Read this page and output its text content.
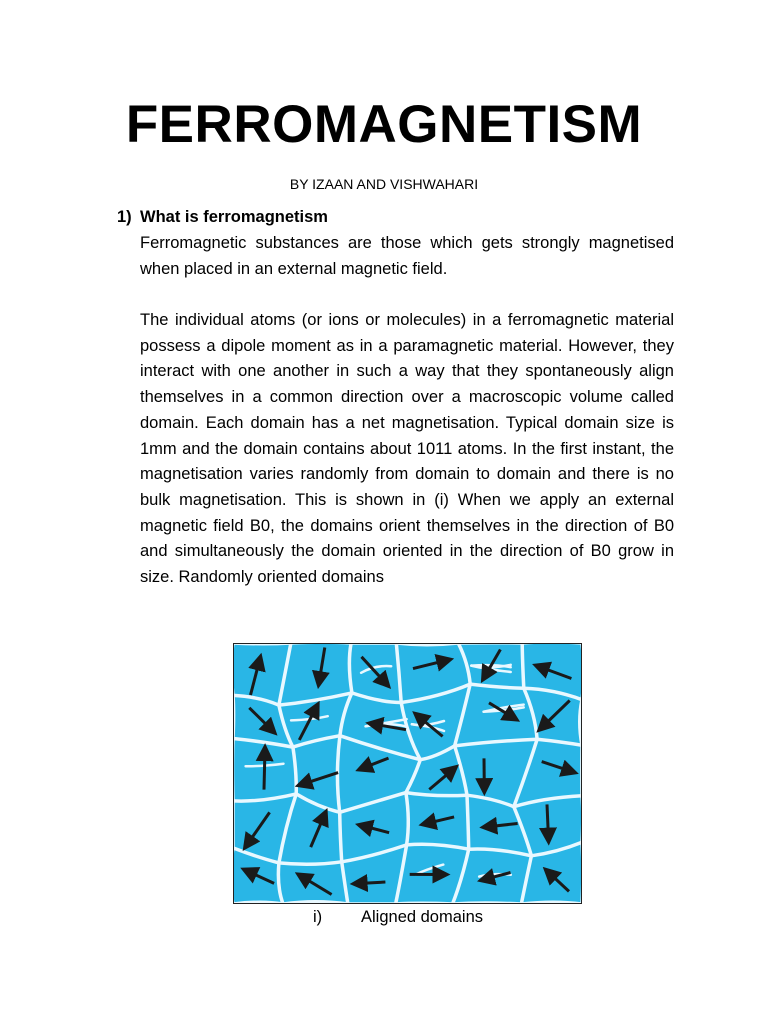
FERROMAGNETISM
BY IZAAN AND VISHWAHARI
1) What is ferromagnetism
Ferromagnetic substances are those which gets strongly magnetised when placed in an external magnetic field.
The individual atoms (or ions or molecules) in a ferromagnetic material possess a dipole moment as in a paramagnetic material. However, they interact with one another in such a way that they spontaneously align themselves in a common direction over a macroscopic volume called domain. Each domain has a net magnetisation. Typical domain size is 1mm and the domain contains about 1011 atoms. In the first instant, the magnetisation varies randomly from domain to domain and there is no bulk magnetisation. This is shown in (i) When we apply an external magnetic field B0, the domains orient themselves in the direction of B0 and simultaneously the domain oriented in the direction of B0 grow in size. Randomly oriented domains
i) Aligned domains
